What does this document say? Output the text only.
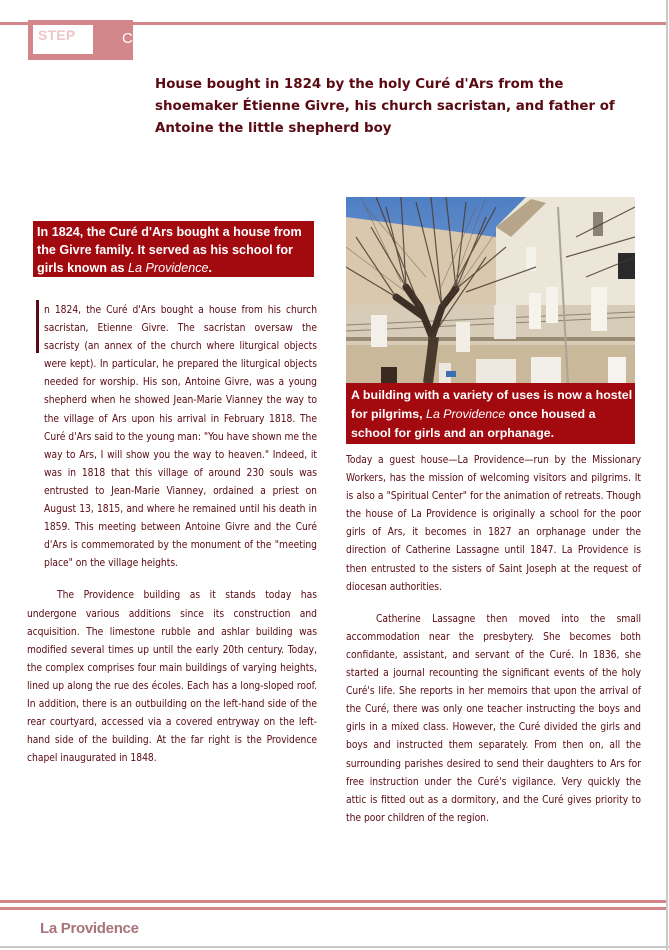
STEP	C
House bought in 1824 by the holy Curé d'Ars from the shoemaker Étienne Givre, his church sacristan, and father of Antoine the little shepherd boy
In 1824, the Curé d'Ars bought a house from the Givre family. It served as his school for girls known as La Providence.

n 1824, the Curé d'Ars bought a house from his church sacristan, Etienne Givre. The sacristan oversaw the sacristy (an annex of the church where liturgical objects were kept). In particular, he prepared the liturgical objects needed for worship. His son, Antoine Givre, was a young shepherd when he showed Jean-Marie Vianney the way to the village of Ars upon his arrival in February 1818. The Curé d'Ars said to the young man: "You have shown me the way to Ars, I will show you the way to heaven." Indeed, it was in 1818 that this village of around 230 souls was entrusted to Jean-Marie Vianney, ordained a priest on August 13, 1815, and where he remained until his death in 1859. This meeting between Antoine Givre and the Curé d'Ars is commemorated by the monument of the "meeting place" on the village heights.

The Providence building as it stands today has undergone various additions since its construction and acquisition. The limestone rubble and ashlar building was modified several times up until the early 20th century. Today, the complex comprises four main buildings of varying heights, lined up along the rue des écoles. Each has a long-sloped roof. In addition, there is an outbuilding on the left-hand side of the rear courtyard, accessed via a covered entryway on the left-hand side of the building. At the far right is the Providence chapel inaugurated in 1848.

A building with a variety of uses is now a hostel for pilgrims, La Providence once housed a school for girls and an orphanage.

Today a guest house—La Providence—run by the Missionary Workers, has the mission of welcoming visitors and pilgrims. It is also a "Spiritual Center" for the animation of retreats. Though the house of La Providence is originally a school for the poor girls of Ars, it becomes in 1827 an orphanage under the direction of Catherine Lassagne until 1847. La Providence is then entrusted to the sisters of Saint Joseph at the request of diocesan authorities.

Catherine Lassagne then moved into the small accommodation near the presbytery. She becomes both confidante, assistant, and servant of the Curé. In 1836, she started a journal recounting the significant events of the holy Curé's life. She reports in her memoirs that upon the arrival of the Curé, there was only one teacher instructing the boys and girls in a mixed class. However, the Curé divided the girls and boys and instructed them separately. From then on, all the surrounding parishes desired to send their daughters to Ars for free instruction under the Curé's vigilance. Very quickly the attic is fitted out as a dormitory, and the Curé gives priority to the poor children of the region.

La Providence
